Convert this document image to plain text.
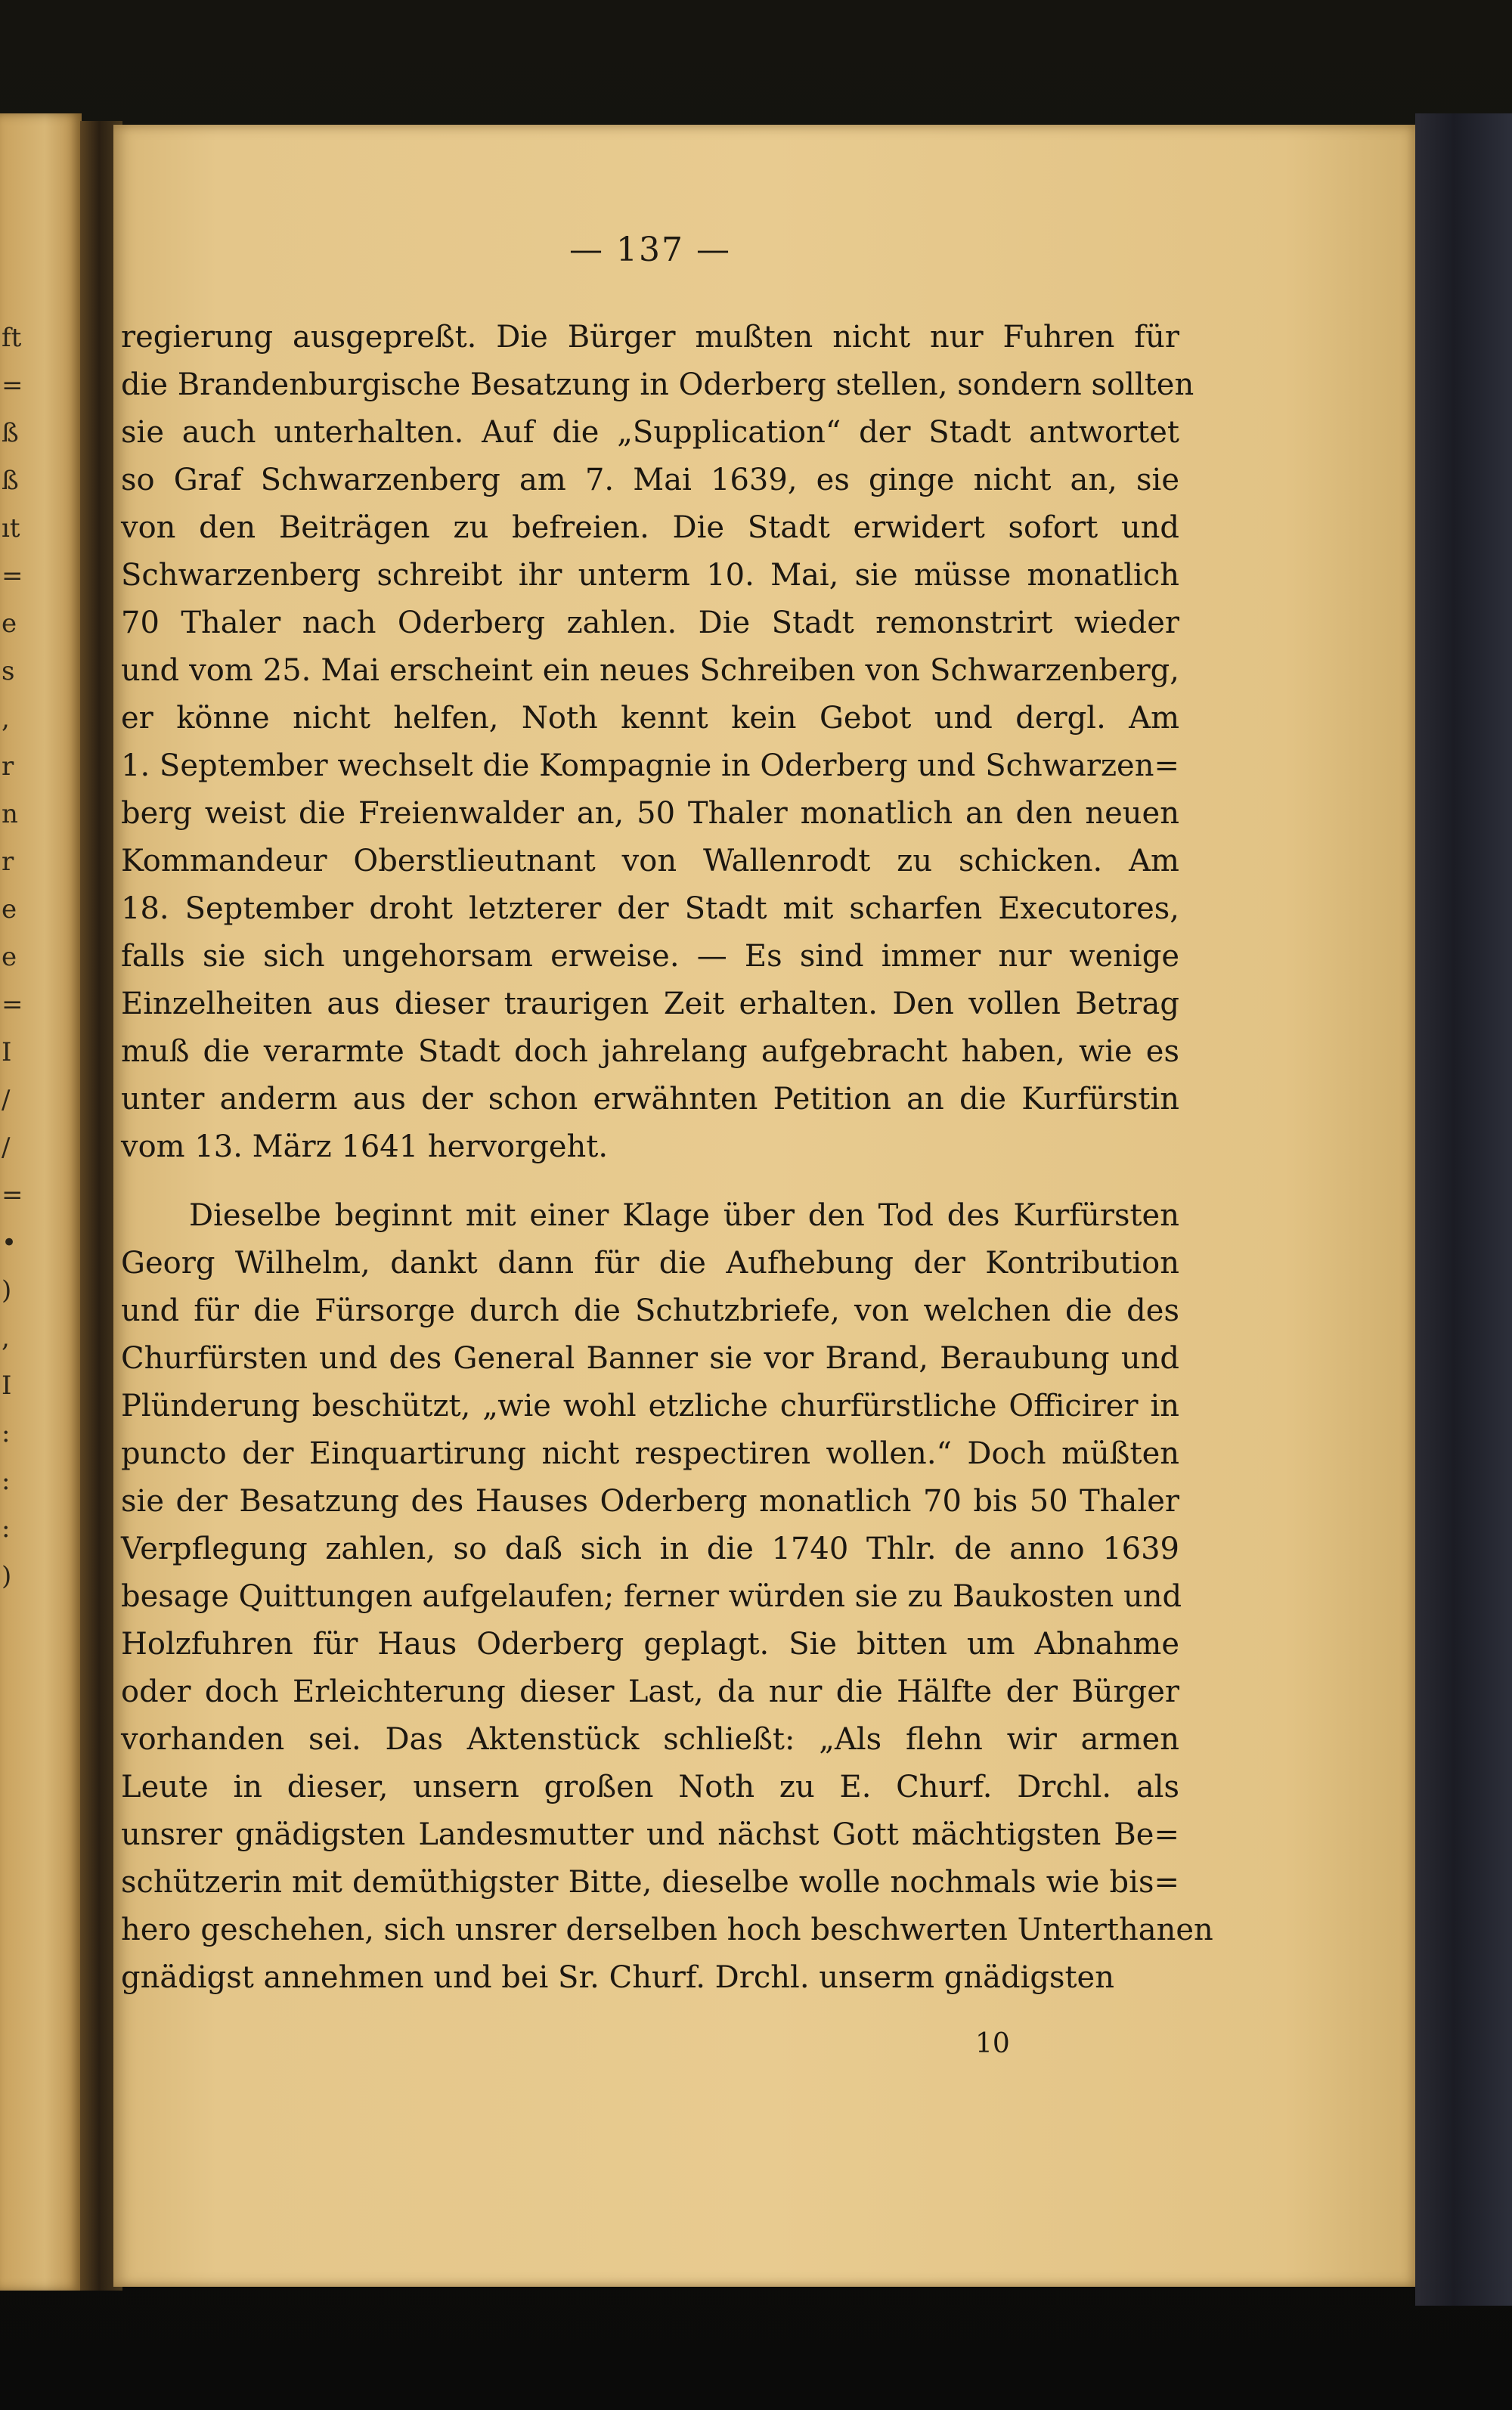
ft
=
ß
ß
ıt
=
e
s
,
r
n
r
e
e
=
I
/
/
=
•
)
,
I
:
:
:
)
— 137 —
regierung ausgepreßt. Die Bürger mußten nicht nur Fuhren für
die Brandenburgische Besatzung in Oderberg stellen, sondern sollten
sie auch unterhalten. Auf die „Supplication“ der Stadt antwortet
so Graf Schwarzenberg am 7. Mai 1639, es ginge nicht an, sie
von den Beiträgen zu befreien. Die Stadt erwidert sofort und
Schwarzenberg schreibt ihr unterm 10. Mai, sie müsse monatlich
70 Thaler nach Oderberg zahlen. Die Stadt remonstrirt wieder
und vom 25. Mai erscheint ein neues Schreiben von Schwarzenberg,
er könne nicht helfen, Noth kennt kein Gebot und dergl. Am
1. September wechselt die Kompagnie in Oderberg und Schwarzen=
berg weist die Freienwalder an, 50 Thaler monatlich an den neuen
Kommandeur Oberstlieutnant von Wallenrodt zu schicken. Am
18. September droht letzterer der Stadt mit scharfen Executores,
falls sie sich ungehorsam erweise. — Es sind immer nur wenige
Einzelheiten aus dieser traurigen Zeit erhalten. Den vollen Betrag
muß die verarmte Stadt doch jahrelang aufgebracht haben, wie es
unter anderm aus der schon erwähnten Petition an die Kurfürstin
vom 13. März 1641 hervorgeht.
Dieselbe beginnt mit einer Klage über den Tod des Kurfürsten
Georg Wilhelm, dankt dann für die Aufhebung der Kontribution
und für die Fürsorge durch die Schutzbriefe, von welchen die des
Churfürsten und des General Banner sie vor Brand, Beraubung und
Plünderung beschützt, „wie wohl etzliche churfürstliche Officirer in
puncto der Einquartirung nicht respectiren wollen.“ Doch müßten
sie der Besatzung des Hauses Oderberg monatlich 70 bis 50 Thaler
Verpflegung zahlen, so daß sich in die 1740 Thlr. de anno 1639
besage Quittungen aufgelaufen; ferner würden sie zu Baukosten und
Holzfuhren für Haus Oderberg geplagt. Sie bitten um Abnahme
oder doch Erleichterung dieser Last, da nur die Hälfte der Bürger
vorhanden sei. Das Aktenstück schließt: „Als flehn wir armen
Leute in dieser, unsern großen Noth zu E. Churf. Drchl. als
unsrer gnädigsten Landesmutter und nächst Gott mächtigsten Be=
schützerin mit demüthigster Bitte, dieselbe wolle nochmals wie bis=
hero geschehen, sich unsrer derselben hoch beschwerten Unterthanen
gnädigst annehmen und bei Sr. Churf. Drchl. unserm gnädigsten
10
